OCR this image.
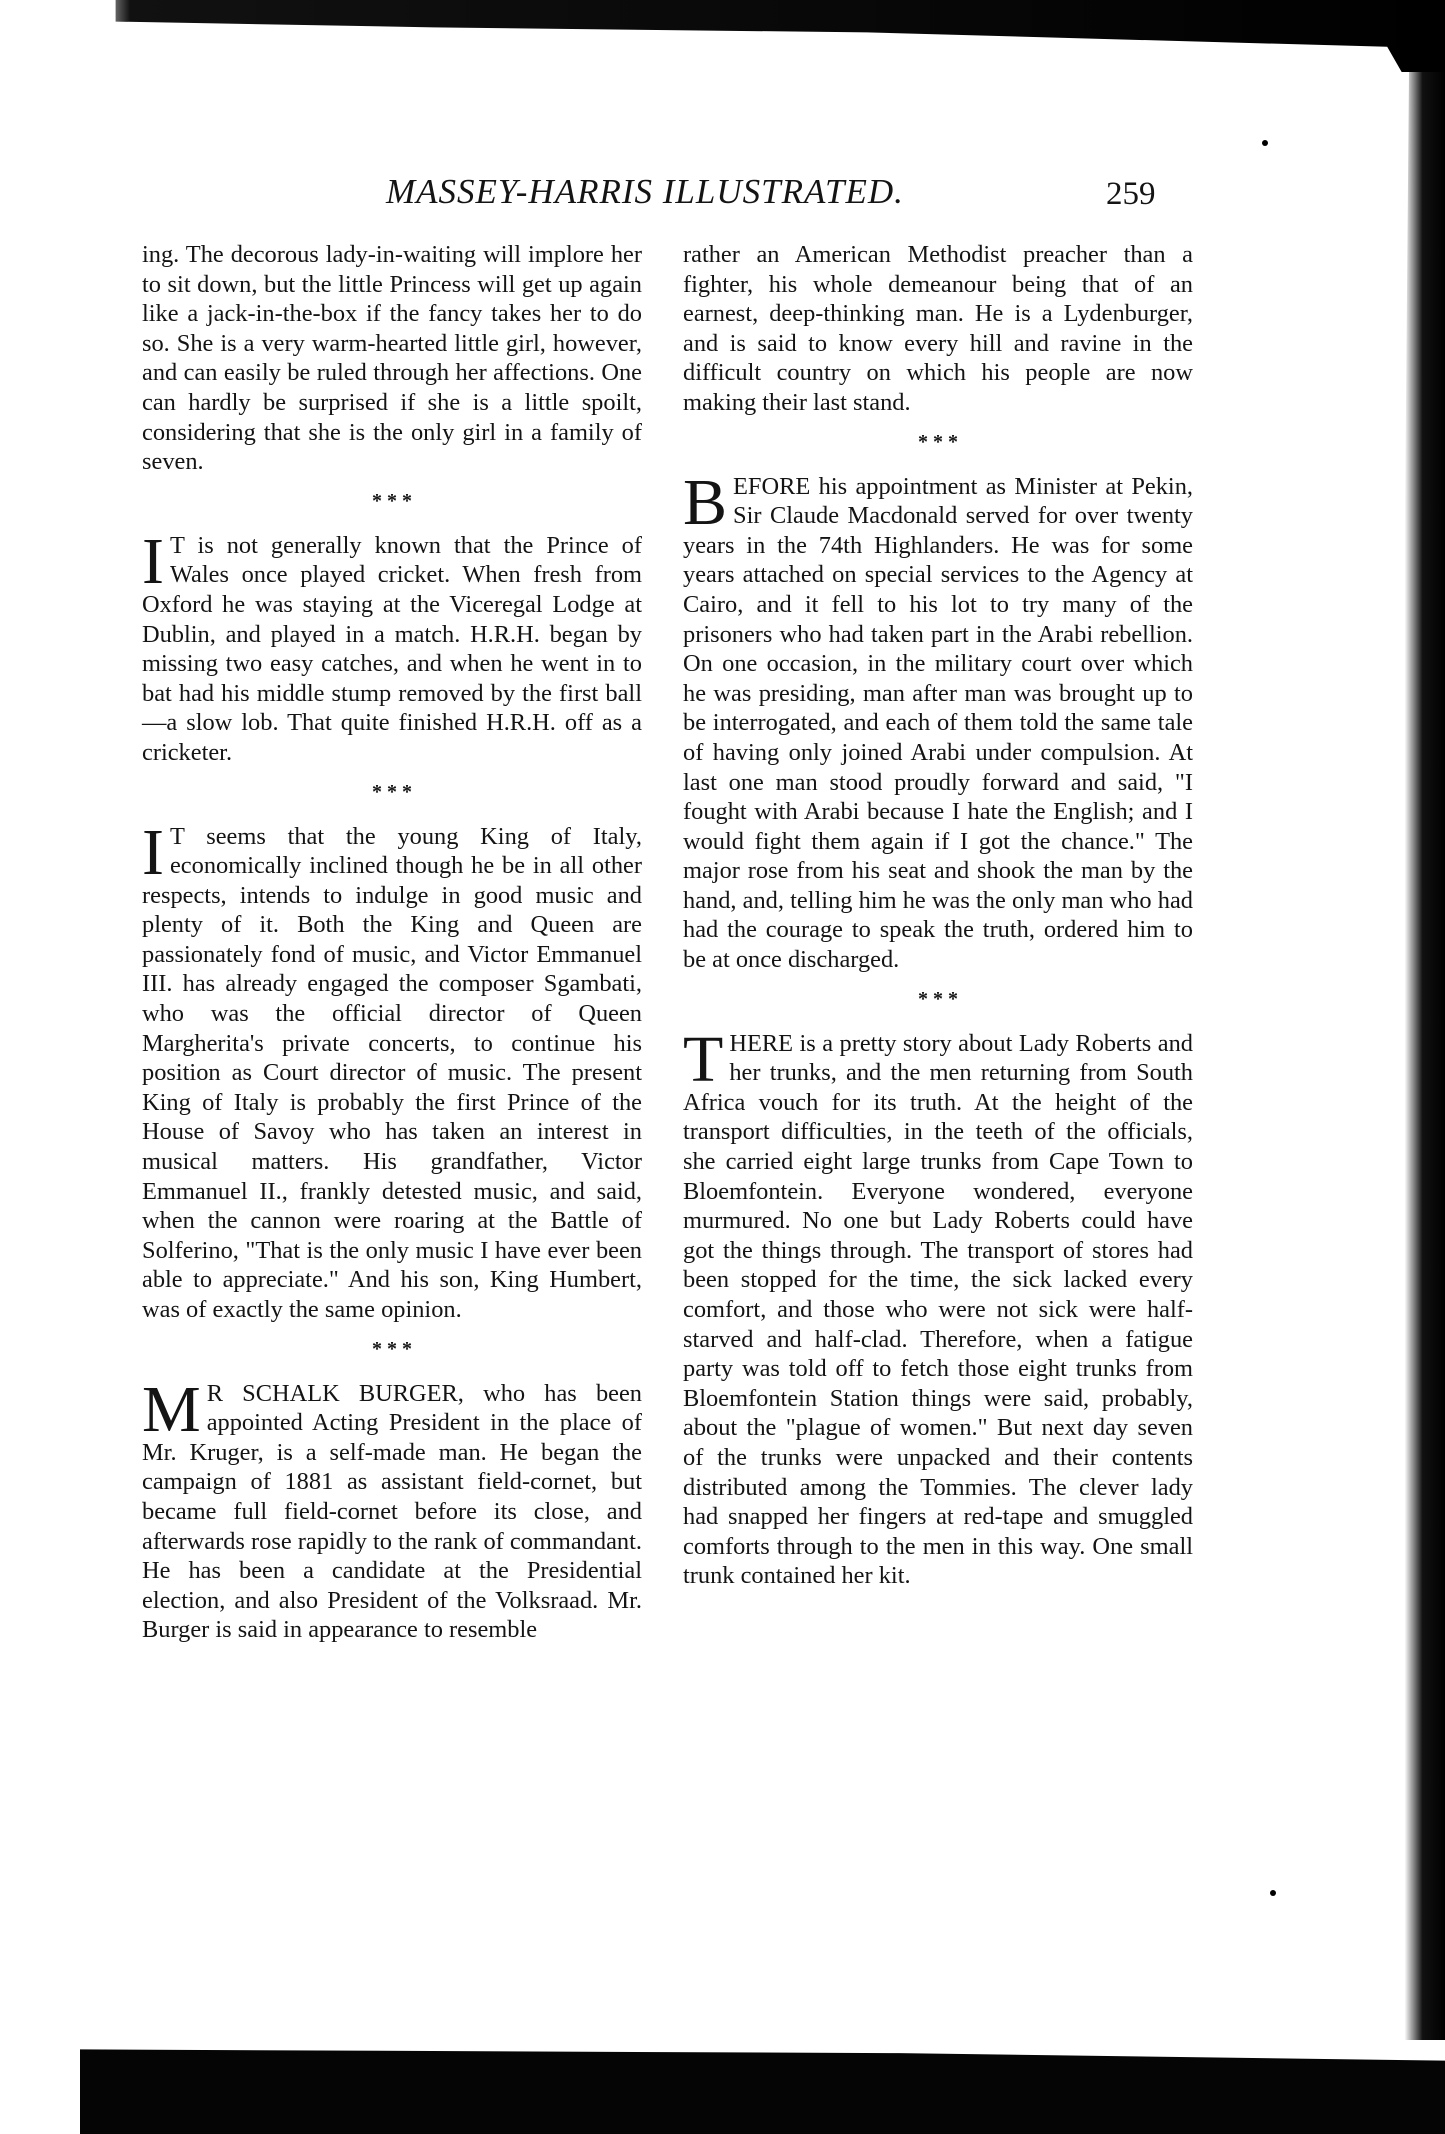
MASSEY-HARRIS ILLUSTRATED.	259

ing. The decorous lady-in-waiting will implore her to sit down, but the little Princess will get up again like a jack-in-the-box if the fancy takes her to do so. She is a very warm-hearted little girl, however, and can easily be ruled through her affections. One can hardly be surprised if she is a little spoilt, considering that she is the only girl in a family of seven.

* * *

I T is not generally known that the Prince of Wales once played cricket. When fresh from Oxford he was staying at the Viceregal Lodge at Dublin, and played in a match. H.R.H. began by missing two easy catches, and when he went in to bat had his middle stump removed by the first ball—a slow lob. That quite finished H.R.H. off as a cricketer.

* * *

I T seems that the young King of Italy, economically inclined though he be in all other respects, intends to indulge in good music and plenty of it. Both the King and Queen are passionately fond of music, and Victor Emmanuel III. has already engaged the composer Sgambati, who was the official director of Queen Margherita's private concerts, to continue his position as Court director of music. The present King of Italy is probably the first Prince of the House of Savoy who has taken an interest in musical matters. His grandfather, Victor Emmanuel II., frankly detested music, and said, when the cannon were roaring at the Battle of Solferino, "That is the only music I have ever been able to appreciate." And his son, King Humbert, was of exactly the same opinion.

* * *

M R SCHALK BURGER, who has been appointed Acting President in the place of Mr. Kruger, is a self-made man. He began the campaign of 1881 as assistant field-cornet, but became full field-cornet before its close, and afterwards rose rapidly to the rank of commandant. He has been a candidate at the Presidential election, and also President of the Volksraad. Mr. Burger is said in appearance to resemble

rather an American Methodist preacher than a fighter, his whole demeanour being that of an earnest, deep-thinking man. He is a Lydenburger, and is said to know every hill and ravine in the difficult country on which his people are now making their last stand.

* * *

BEFORE his appointment as Minister at Pekin, Sir Claude Macdonald served for over twenty years in the 74th Highlanders. He was for some years attached on special services to the Agency at Cairo, and it fell to his lot to try many of the prisoners who had taken part in the Arabi rebellion. On one occasion, in the military court over which he was presiding, man after man was brought up to be interrogated, and each of them told the same tale of having only joined Arabi under compulsion. At last one man stood proudly forward and said, "I fought with Arabi because I hate the English; and I would fight them again if I got the chance." The major rose from his seat and shook the man by the hand, and, telling him he was the only man who had had the courage to speak the truth, ordered him to be at once discharged.

* * *

THERE is a pretty story about Lady Roberts and her trunks, and the men returning from South Africa vouch for its truth. At the height of the transport difficulties, in the teeth of the officials, she carried eight large trunks from Cape Town to Bloemfontein. Everyone wondered, everyone murmured. No one but Lady Roberts could have got the things through. The transport of stores had been stopped for the time, the sick lacked every comfort, and those who were not sick were half-starved and half-clad. Therefore, when a fatigue party was told off to fetch those eight trunks from Bloemfontein Station things were said, probably, about the "plague of women." But next day seven of the trunks were unpacked and their contents distributed among the Tommies. The clever lady had snapped her fingers at red-tape and smuggled comforts through to the men in this way. One small trunk contained her kit.
